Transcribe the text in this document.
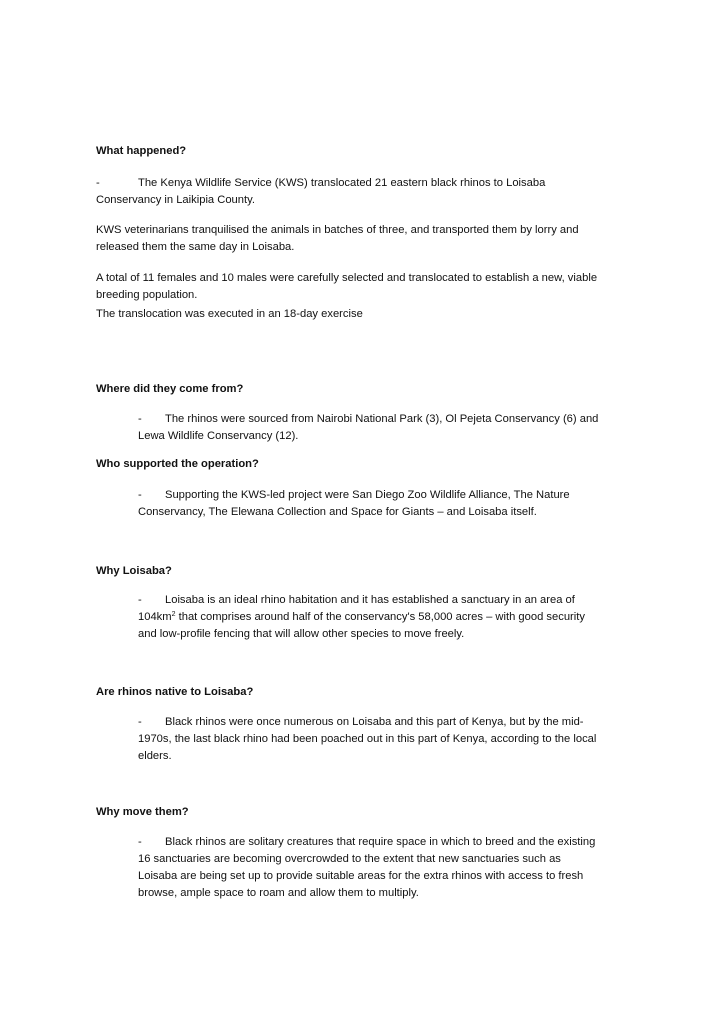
What happened?
-	The Kenya Wildlife Service (KWS) translocated 21 eastern black rhinos to Loisaba
Conservancy in Laikipia County.
KWS veterinarians tranquilised the animals in batches of three, and transported them by lorry and
released them the same day in Loisaba.
A total of 11 females and 10 males were carefully selected and translocated to establish a new, viable
breeding population.
The translocation was executed in an 18-day exercise
Where did they come from?
- The rhinos were sourced from Nairobi National Park (3), Ol Pejeta Conservancy (6) and
Lewa Wildlife Conservancy (12).
Who supported the operation?
- Supporting the KWS-led project were San Diego Zoo Wildlife Alliance, The Nature
Conservancy, The Elewana Collection and Space for Giants – and Loisaba itself.
Why Loisaba?
- Loisaba is an ideal rhino habitation and it has established a sanctuary in an area of
$104km^2$ that comprises around half of the conservancy's 58,000 acres – with good security
and low-profile fencing that will allow other species to move freely.
Are rhinos native to Loisaba?
- Black rhinos were once numerous on Loisaba and this part of Kenya, but by the mid-
1970s, the last black rhino had been poached out in this part of Kenya, according to the local
elders.
Why move them?
- Black rhinos are solitary creatures that require space in which to breed and the existing
16 sanctuaries are becoming overcrowded to the extent that new sanctuaries such as
Loisaba are being set up to provide suitable areas for the extra rhinos with access to fresh
browse, ample space to roam and allow them to multiply.
